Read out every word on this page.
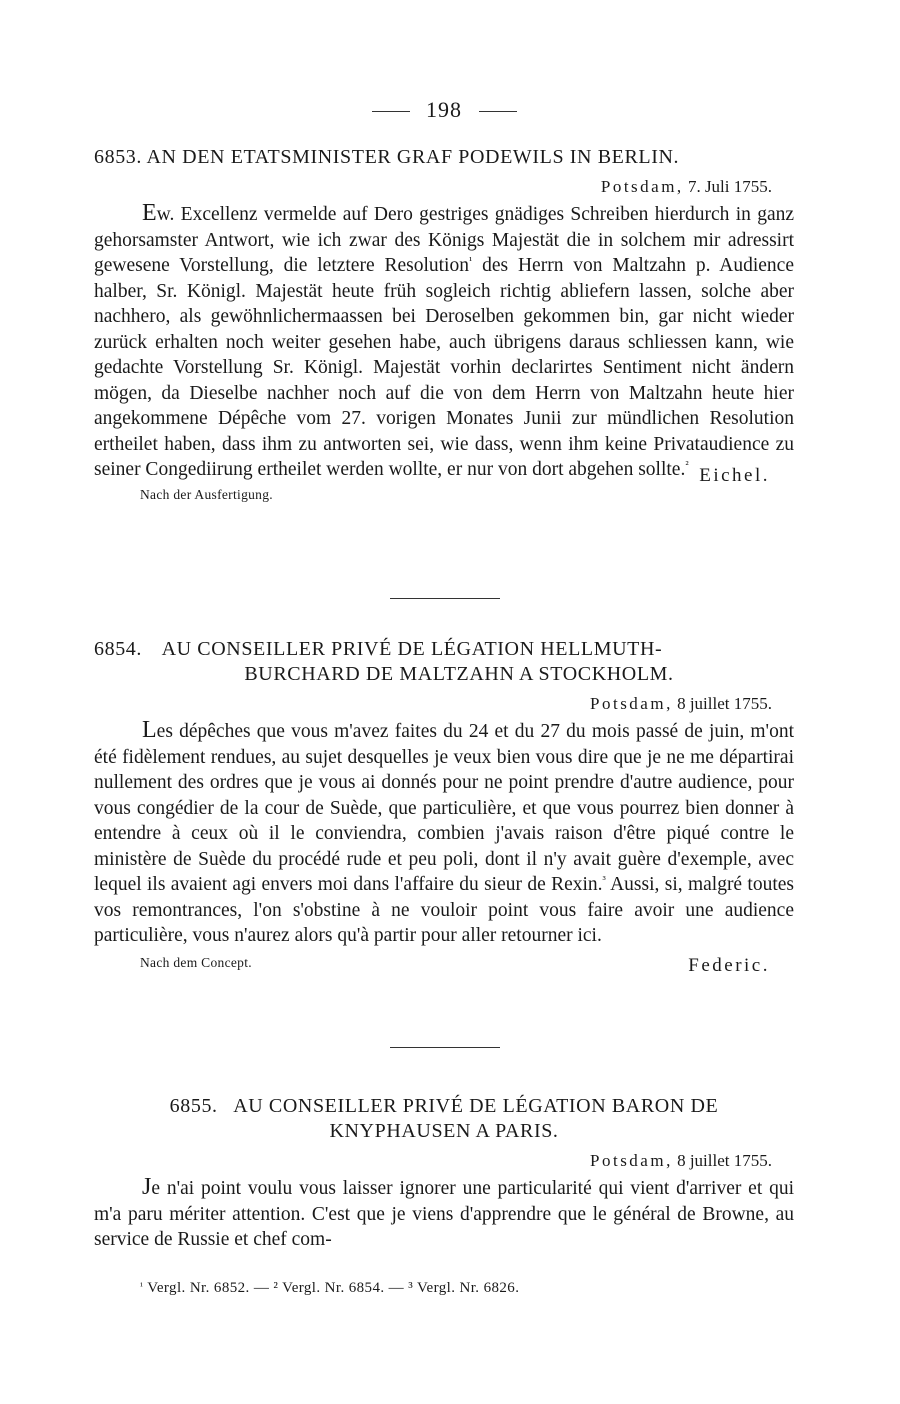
198
6853. AN DEN ETATSMINISTER GRAF PODEWILS IN BERLIN.
Potsdam, 7. Juli 1755.

Ew. Excellenz vermelde auf Dero gestriges gnädiges Schreiben hierdurch in ganz gehorsamster Antwort, wie ich zwar des Königs Majestät die in solchem mir adressirt gewesene Vorstellung, die letztere Resolution$^{^1}$ des Herrn von Maltzahn p. Audience halber, Sr. Königl. Majestät heute früh sogleich richtig abliefern lassen, solche aber nachhero, als gewöhnlichermaassen bei Deroselben gekommen bin, gar nicht wieder zurück erhalten noch weiter gesehen habe, auch übrigens daraus schliessen kann, wie gedachte Vorstellung Sr. Königl. Majestät vorhin declarirtes Sentiment nicht ändern mögen, da Dieselbe nachher noch auf die von dem Herrn von Maltzahn heute hier angekommene Dépêche vom 27. vorigen Monates Junii zur mündlichen Resolution ertheilet haben, dass ihm zu antworten sei, wie dass, wenn ihm keine Privataudience zu seiner Congediirung ertheilet werden wollte, er nur von dort abgehen sollte.$^{^2}$

Nach der Ausfertigung.
Eichel.
6854. AU CONSEILLER PRIVÉ DE LÉGATION HELLMUTH-
BURCHARD DE MALTZAHN A STOCKHOLM.
Potsdam, 8 juillet 1755.

Les dépêches que vous m'avez faites du 24 et du 27 du mois passé de juin, m'ont été fidèlement rendues, au sujet desquelles je veux bien vous dire que je ne me départirai nullement des ordres que je vous ai donnés pour ne point prendre d'autre audience, pour vous congédier de la cour de Suède, que particulière, et que vous pourrez bien donner à entendre à ceux où il le conviendra, combien j'avais raison d'être piqué contre le ministère de Suède du procédé rude et peu poli, dont il n'y avait guère d'exemple, avec lequel ils avaient agi envers moi dans l'affaire du sieur de Rexin.$^{^3}$ Aussi, si, malgré toutes vos remontrances, l'on s'obstine à ne vouloir point vous faire avoir une audience particulière, vous n'aurez alors qu'à partir pour aller retourner ici.

Nach dem Concept.	Federic.
6855. AU CONSEILLER PRIVÉ DE LÉGATION BARON DE
KNYPHAUSEN A PARIS.
Potsdam, 8 juillet 1755.

Je n'ai point voulu vous laisser ignorer une particularité qui vient d'arriver et qui m'a paru mériter attention. C'est que je viens d'apprendre que le général de Browne, au service de Russie et chef com-

$^{^1}$ Vergl. Nr. 6852. — ² Vergl. Nr. 6854. — ³ Vergl. Nr. 6826.
